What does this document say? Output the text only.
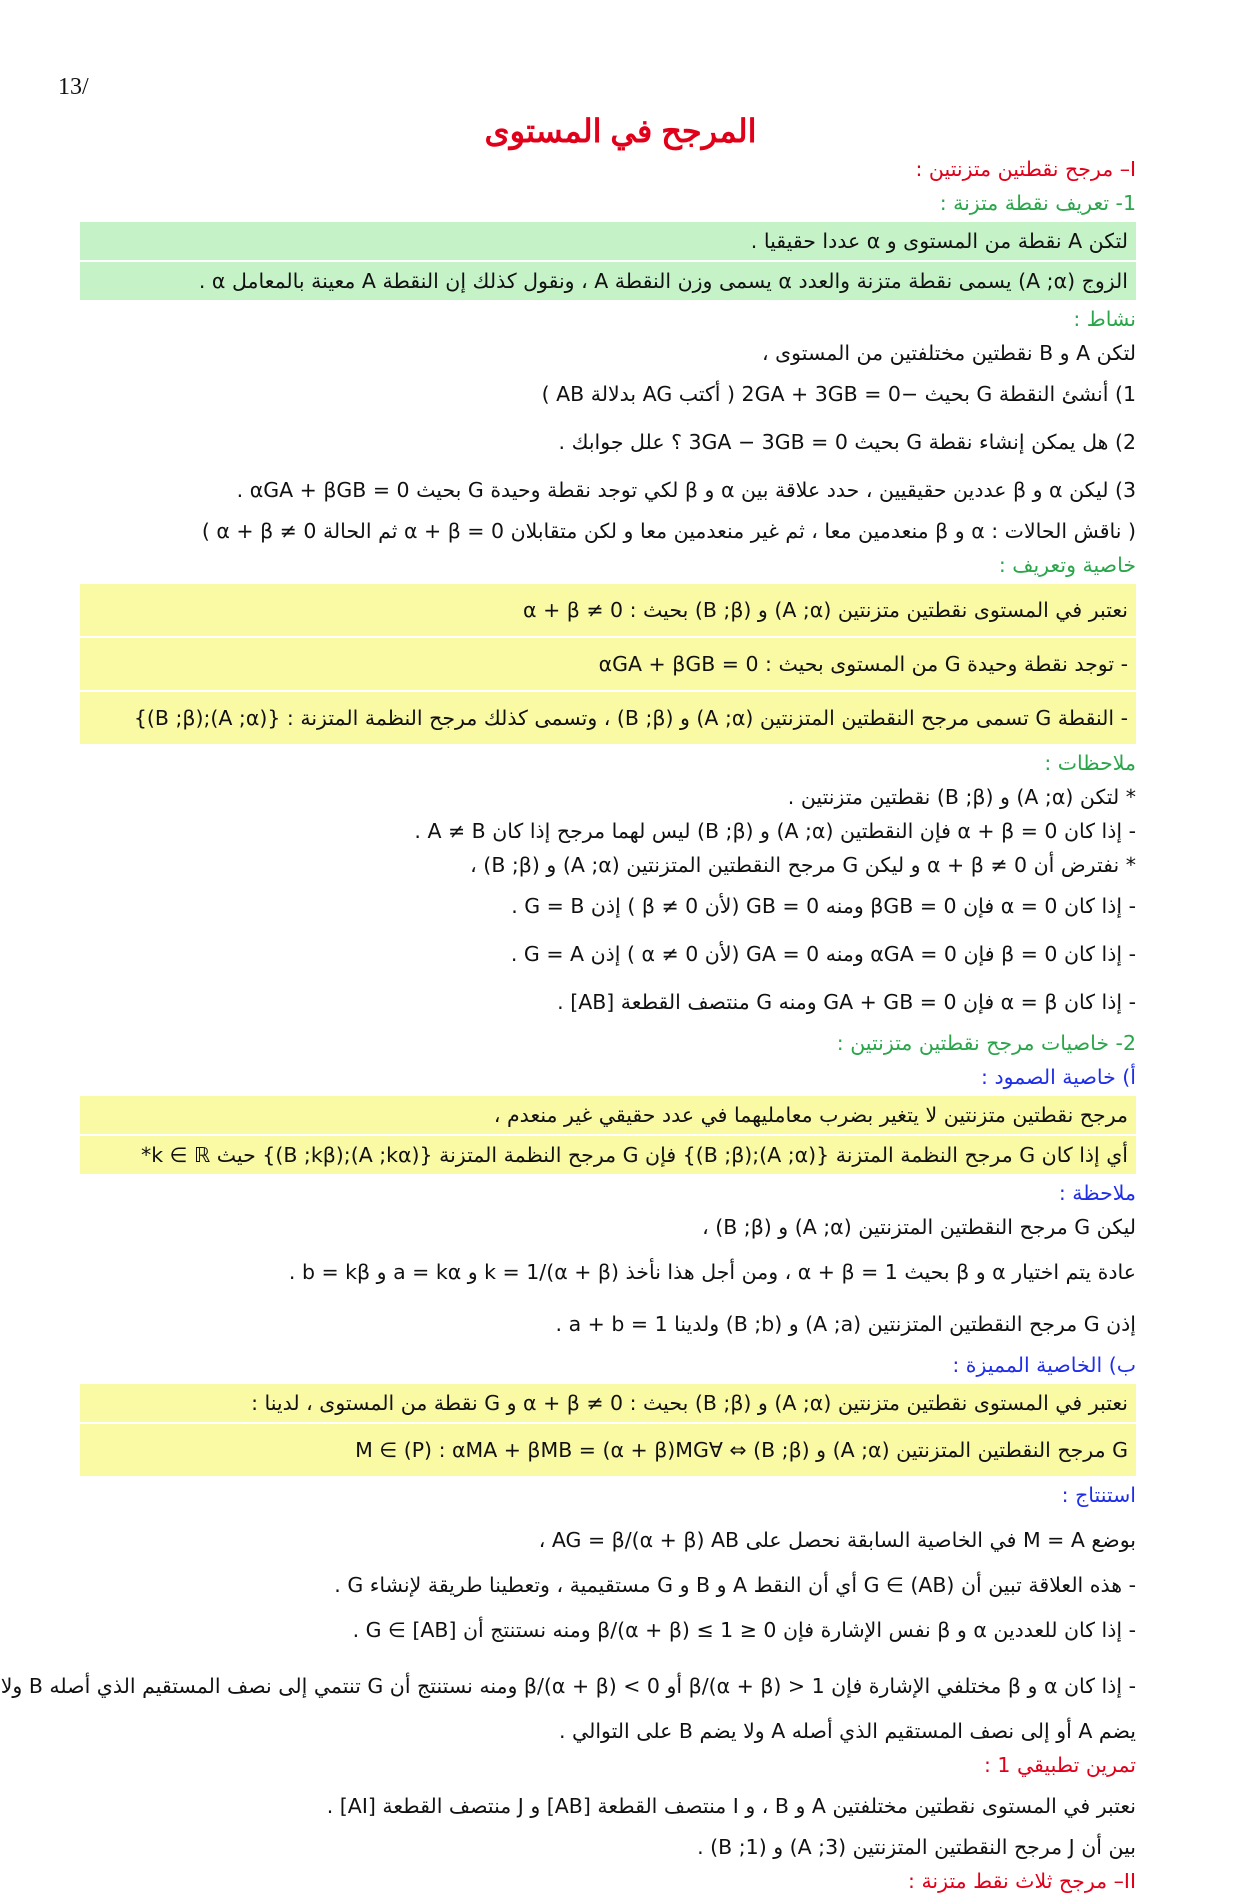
13/
المرجح في المستوى
I– مرجح نقطتين متزنتين :
1- تعريف نقطة متزنة :
لتكن A نقطة من المستوى و α عددا حقيقيا .
الزوج (A ;α) يسمى نقطة متزنة والعدد α يسمى وزن النقطة A ، ونقول كذلك إن النقطة A معينة بالمعامل α .
نشاط :
لتكن A و B نقطتين مختلفتين من المستوى ،
1) أنشئ النقطة G بحيث −2GA + 3GB = 0 ( أكتب AG بدلالة AB )
2) هل يمكن إنشاء نقطة G بحيث 3GA − 3GB = 0 ؟ علل جوابك .
3) ليكن α و β عددين حقيقيين ، حدد علاقة بين α و β لكي توجد نقطة وحيدة G بحيث αGA + βGB = 0 .
( ناقش الحالات : α و β منعدمين معا ، ثم غير منعدمين معا و لكن متقابلان α + β = 0 ثم الحالة α + β ≠ 0 )
خاصية وتعريف :
نعتبر في المستوى نقطتين متزنتين (A ;α) و (B ;β) بحيث : α + β ≠ 0
- توجد نقطة وحيدة G من المستوى بحيث : αGA + βGB = 0
- النقطة G تسمى مرجح النقطتين المتزنتين (A ;α) و (B ;β) ، وتسمى كذلك مرجح النظمة المتزنة : {(A ;α);(B ;β)}
ملاحظات :
* لتكن (A ;α) و (B ;β) نقطتين متزنتين .
- إذا كان α + β = 0 فإن النقطتين (A ;α) و (B ;β) ليس لهما مرجح إذا كان A ≠ B .
* نفترض أن α + β ≠ 0 و ليكن G مرجح النقطتين المتزنتين (A ;α) و (B ;β) ،
- إذا كان α = 0 فإن βGB = 0 ومنه GB = 0 (لأن β ≠ 0 ) إذن G = B .
- إذا كان β = 0 فإن αGA = 0 ومنه GA = 0 (لأن α ≠ 0 ) إذن G = A .
- إذا كان α = β فإن GA + GB = 0 ومنه G منتصف القطعة [AB] .
2- خاصيات مرجح نقطتين متزنتين :
أ) خاصية الصمود :
مرجح نقطتين متزنتين لا يتغير بضرب معامليهما في عدد حقيقي غير منعدم ،
أي إذا كان G مرجح النظمة المتزنة {(A ;α);(B ;β)} فإن G مرجح النظمة المتزنة {(A ;kα);(B ;kβ)} حيث k ∈ ℝ*
ملاحظة :
ليكن G مرجح النقطتين المتزنتين (A ;α) و (B ;β) ،
عادة يتم اختيار α و β بحيث α + β = 1 ، ومن أجل هذا نأخذ k = 1/(α + β) و a = kα و b = kβ .
إذن G مرجح النقطتين المتزنتين (A ;a) و (B ;b) ولدينا a + b = 1 .
ب) الخاصية المميزة :
نعتبر في المستوى نقطتين متزنتين (A ;α) و (B ;β) بحيث : α + β ≠ 0 و G نقطة من المستوى ، لدينا :
G مرجح النقطتين المتزنتين (A ;α) و (B ;β) ⇔ ∀M ∈ (P) : αMA + βMB = (α + β)MG
استنتاج :
بوضع M = A في الخاصية السابقة نحصل على AG = β/(α + β) AB ،
- هذه العلاقة تبين أن G ∈ (AB) أي أن النقط A و B و G مستقيمية ، وتعطينا طريقة لإنشاء G .
- إذا كان للعددين α و β نفس الإشارة فإن 0 ≤ β/(α + β) ≤ 1 ومنه نستنتج أن G ∈ [AB] .
- إذا كان α و β مختلفي الإشارة فإن β/(α + β) > 1 أو β/(α + β) < 0 ومنه نستنتج أن G تنتمي إلى نصف المستقيم الذي أصله B ولا
يضم A أو إلى نصف المستقيم الذي أصله A ولا يضم B على التوالي .
تمرين تطبيقي 1 :
نعتبر في المستوى نقطتين مختلفتين A و B ، و I منتصف القطعة [AB] و J منتصف القطعة [AI] .
بين أن J مرجح النقطتين المتزنتين (A ;3) و (B ;1) .
II– مرجح ثلاث نقط متزنة :
